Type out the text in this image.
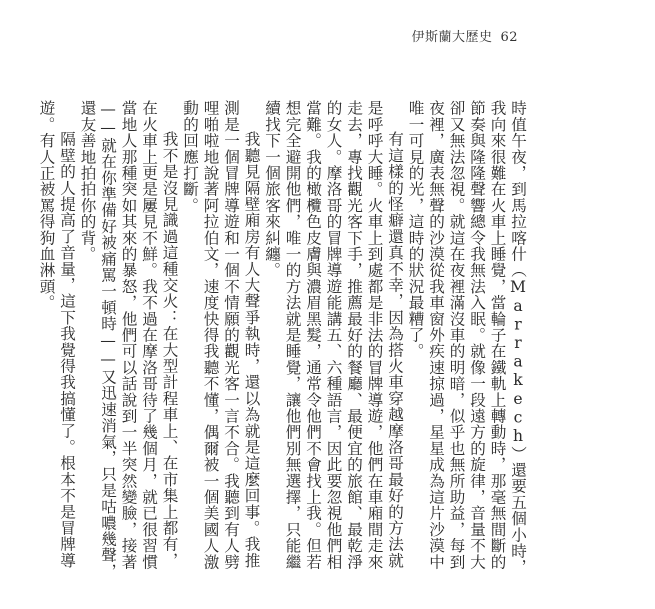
伊斯蘭大歷史 62

時值午夜，到馬拉喀什（Marrakech）還要五個小時，我向來很難在火車上睡覺，當輪子在鐵軌上轉動時，那毫無間斷的節奏與隆隆聲響總令我無法入眠。就像一段遠方的旋律，音量不大卻又無法忽視。就這在夜裡滿沒車的明暗，似乎也無所助益，每到夜裡，廣表無聲的沙漠從我車窗外疾速掠過，星星成為這片沙漠中唯一可見的光，這時的狀況最糟了。

有這樣的怪癖還真不幸，因為搭火車穿越摩洛哥最好的方法就是呼呼大睡。火車上到處都是非法的冒牌導遊，他們在車廂間走來走去，專找觀光客下手，推薦最好的餐廳、最便宜的旅館、最乾淨的女人。摩洛哥的冒牌導遊能講五、六種語言，因此要忽視他們相當難。我的橄欖色皮膚與濃眉黑髮，通常令他們不會找上我。但若想完全避開他們，唯一的方法就是睡覺，讓他們別無選擇，只能繼續找下一個旅客來糾纏。

我聽見隔壁廂房有人大聲爭執時，還以為就是這麼回事。我推測是一個冒牌導遊和一個不情願的觀光客一言不合。我聽到有人劈哩啪啦地說著阿拉伯文，速度快得我聽不懂，偶爾被一個美國人激動的回應打斷。

我不是沒見識過這種交火：在大型計程車上、在市集上都有，在火車上更是屢見不鮮。我不過在摩洛哥待了幾個月，就已很習慣當地人那種突如其來的暴怒，他們可以話說到一半突然變臉，接著——就在你準備好被痛罵一頓時——又迅速消氣，只是咕噥幾聲，還友善地拍拍你的背。

隔壁的人提高了音量，這下我覺得我搞懂了。根本不是冒牌導遊。有人正被罵得狗血淋頭。
